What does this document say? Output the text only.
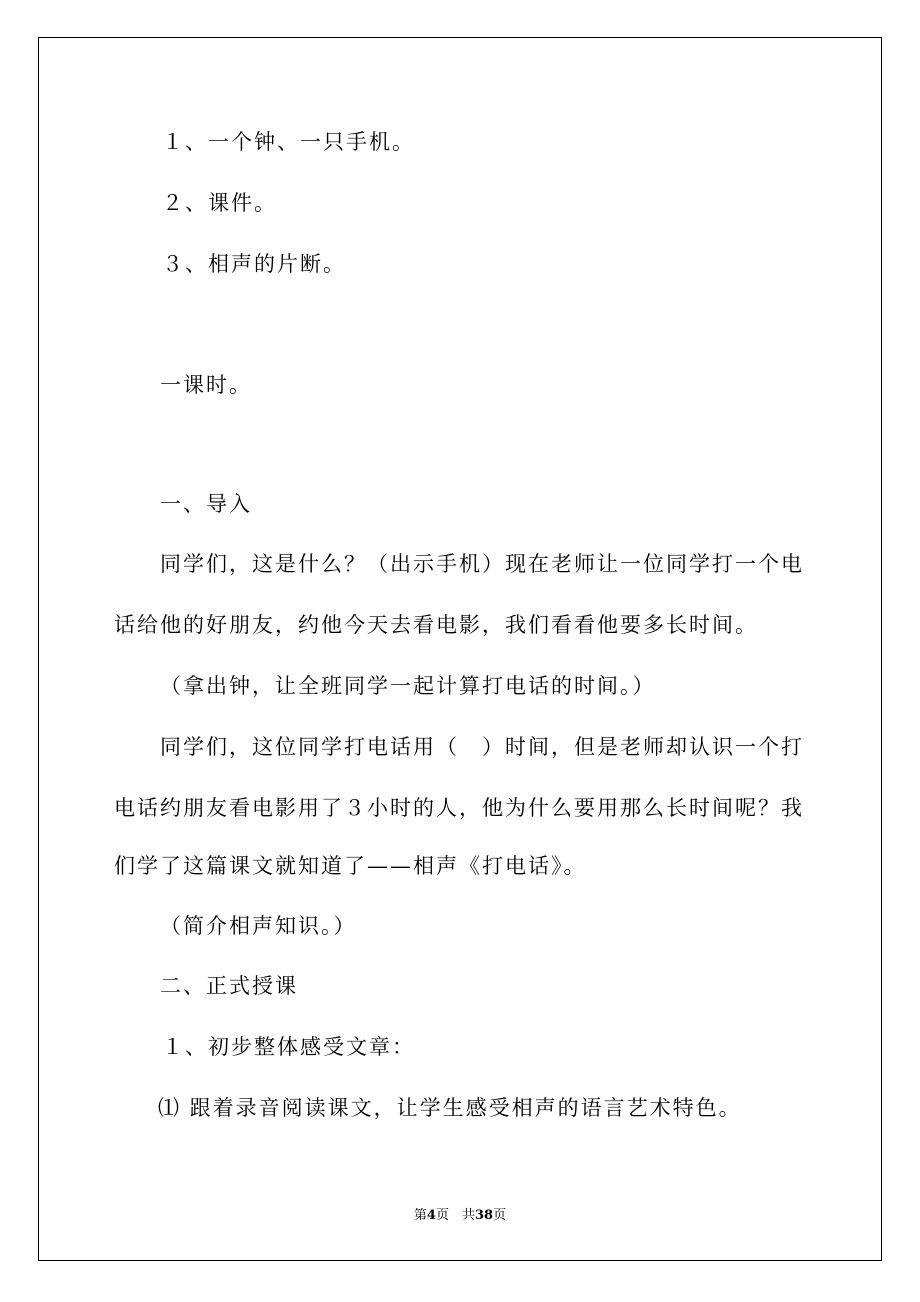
１、一个钟、一只手机。
２、课件。
３、相声的片断。
一课时。
一、导入
同学们，这是什么？（出示手机）现在老师让一位同学打一个电
话给他的好朋友，约他今天去看电影，我们看看他要多长时间。
（拿出钟，让全班同学一起计算打电话的时间。）
同学们，这位同学打电话用（　）时间，但是老师却认识一个打
电话约朋友看电影用了３小时的人，他为什么要用那么长时间呢？我
们学了这篇课文就知道了——相声《打电话》。
（简介相声知识。）
二、正式授课
１、初步整体感受文章：
⑴ 跟着录音阅读课文，让学生感受相声的语言艺术特色。
第4页　共38页
